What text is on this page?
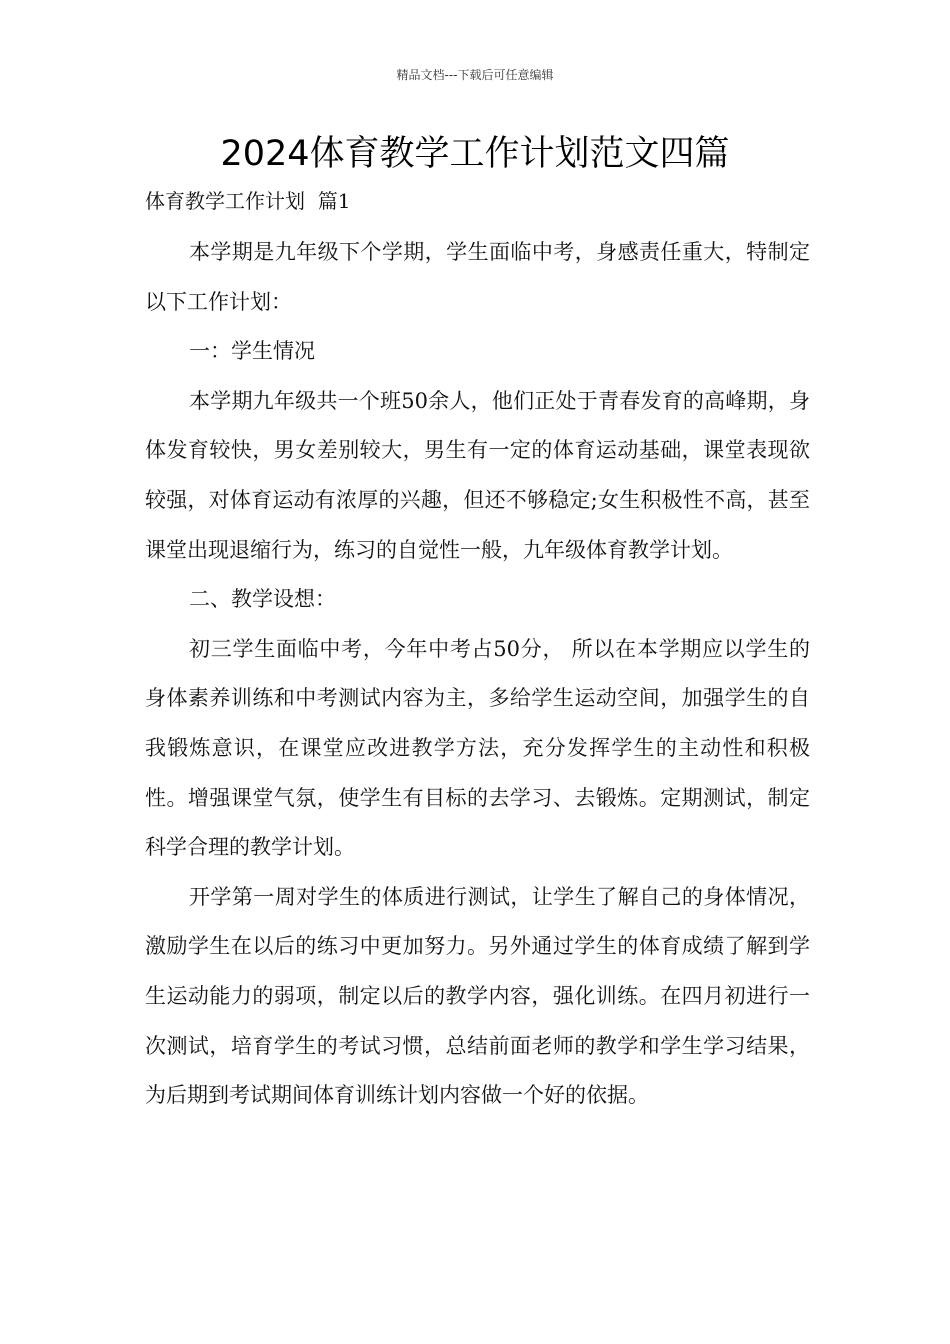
精品文档---下载后可任意编辑
2024体育教学工作计划范文四篇
体育教学工作计划  篇1

本学期是九年级下个学期，学生面临中考，身感责任重大，特制定以下工作计划：

一：学生情况

本学期九年级共一个班50余人，他们正处于青春发育的高峰期，身体发育较快，男女差别较大，男生有一定的体育运动基础，课堂表现欲较强，对体育运动有浓厚的兴趣，但还不够稳定;女生积极性不高，甚至课堂出现退缩行为，练习的自觉性一般，九年级体育教学计划。

二、教学设想：

初三学生面临中考，今年中考占50分， 所以在本学期应以学生的身体素养训练和中考测试内容为主，多给学生运动空间，加强学生的自我锻炼意识，在课堂应改进教学方法，充分发挥学生的主动性和积极性。增强课堂气氛，使学生有目标的去学习、去锻炼。定期测试，制定科学合理的教学计划。

开学第一周对学生的体质进行测试，让学生了解自己的身体情况，激励学生在以后的练习中更加努力。另外通过学生的体育成绩了解到学生运动能力的弱项，制定以后的教学内容，强化训练。在四月初进行一次测试，培育学生的考试习惯，总结前面老师的教学和学生学习结果，为后期到考试期间体育训练计划内容做一个好的依据。
